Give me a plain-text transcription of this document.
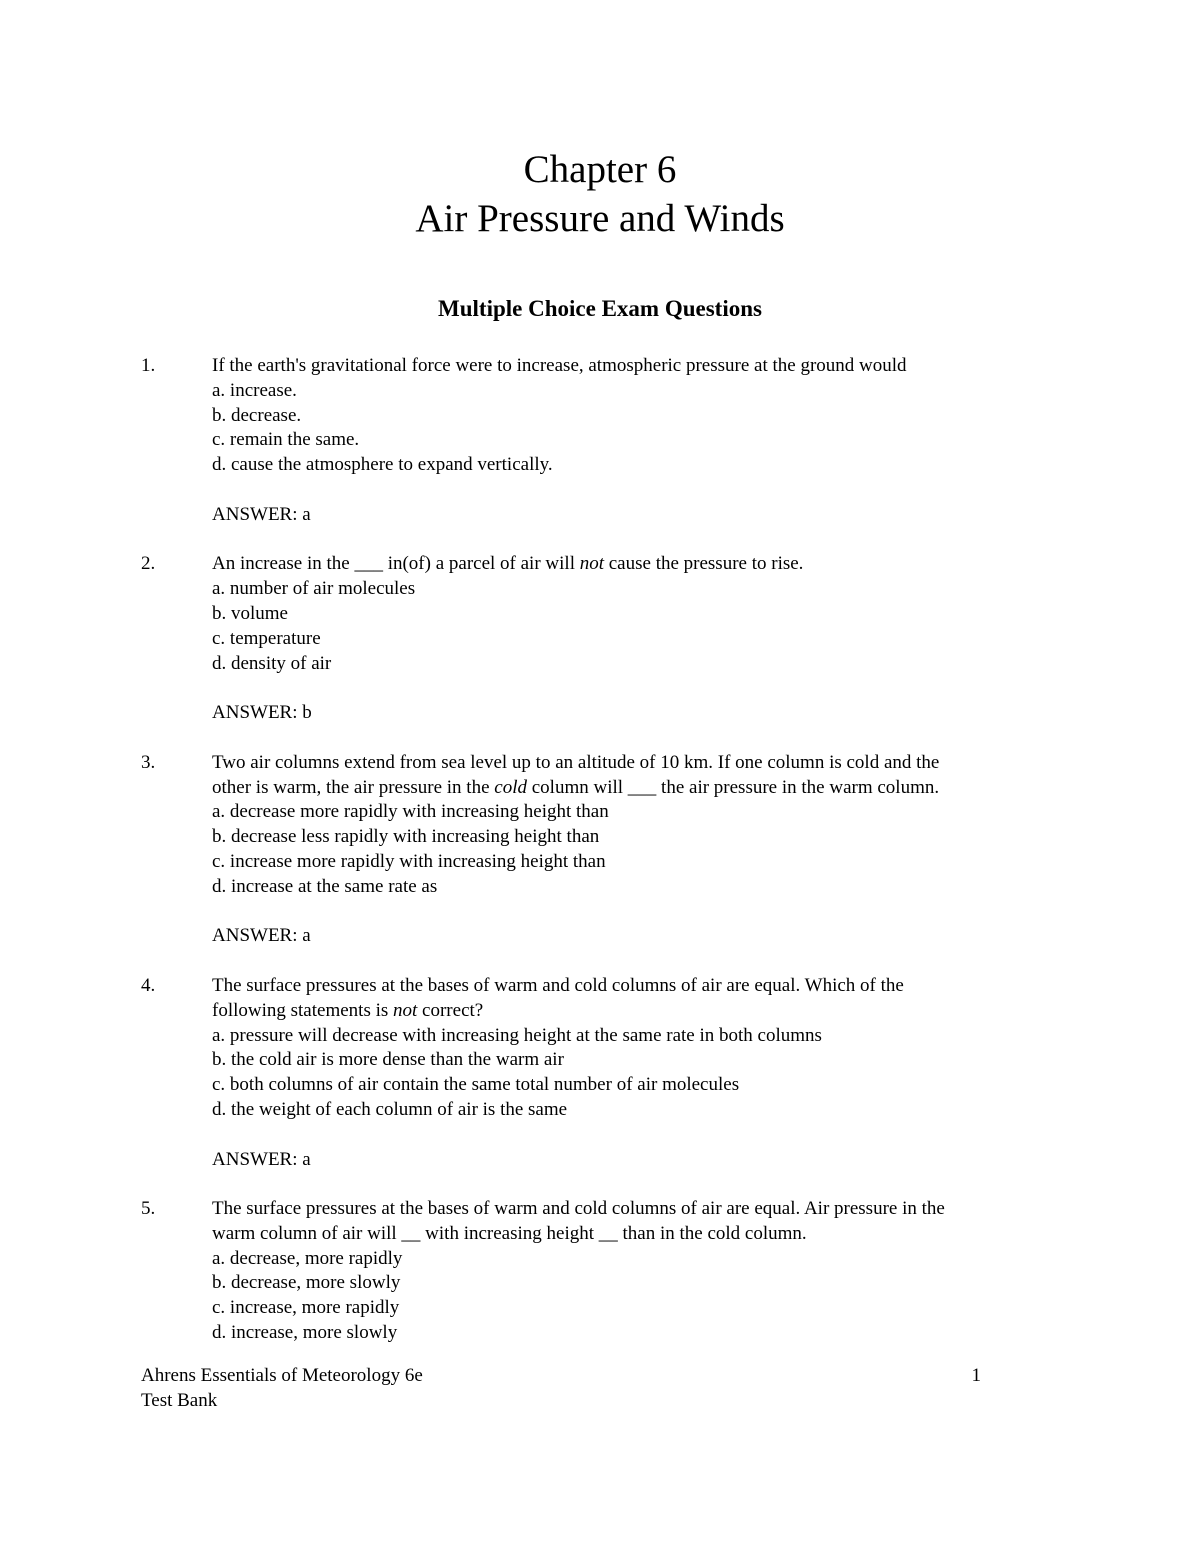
Chapter 6
Air Pressure and Winds
Multiple Choice Exam Questions
1.	If the earth's gravitational force were to increase, atmospheric pressure at the ground would
a. increase.
b. decrease.
c. remain the same.
d. cause the atmosphere to expand vertically.
ANSWER: a
2.	An increase in the ___ in(of) a parcel of air will not cause the pressure to rise.
a. number of air molecules
b. volume
c. temperature
d. density of air
ANSWER: b
3.	Two air columns extend from sea level up to an altitude of 10 km. If one column is cold and the
other is warm, the air pressure in the cold column will ___ the air pressure in the warm column.
a. decrease more rapidly with increasing height than
b. decrease less rapidly with increasing height than
c. increase more rapidly with increasing height than
d. increase at the same rate as
ANSWER: a
4.	The surface pressures at the bases of warm and cold columns of air are equal. Which of the
following statements is not correct?
a. pressure will decrease with increasing height at the same rate in both columns
b. the cold air is more dense than the warm air
c. both columns of air contain the same total number of air molecules
d. the weight of each column of air is the same
ANSWER: a
5.	The surface pressures at the bases of warm and cold columns of air are equal. Air pressure in the
warm column of air will __ with increasing height __ than in the cold column.
a. decrease, more rapidly
b. decrease, more slowly
c. increase, more rapidly
d. increase, more slowly
Ahrens Essentials of Meteorology 6e
Test Bank
1
